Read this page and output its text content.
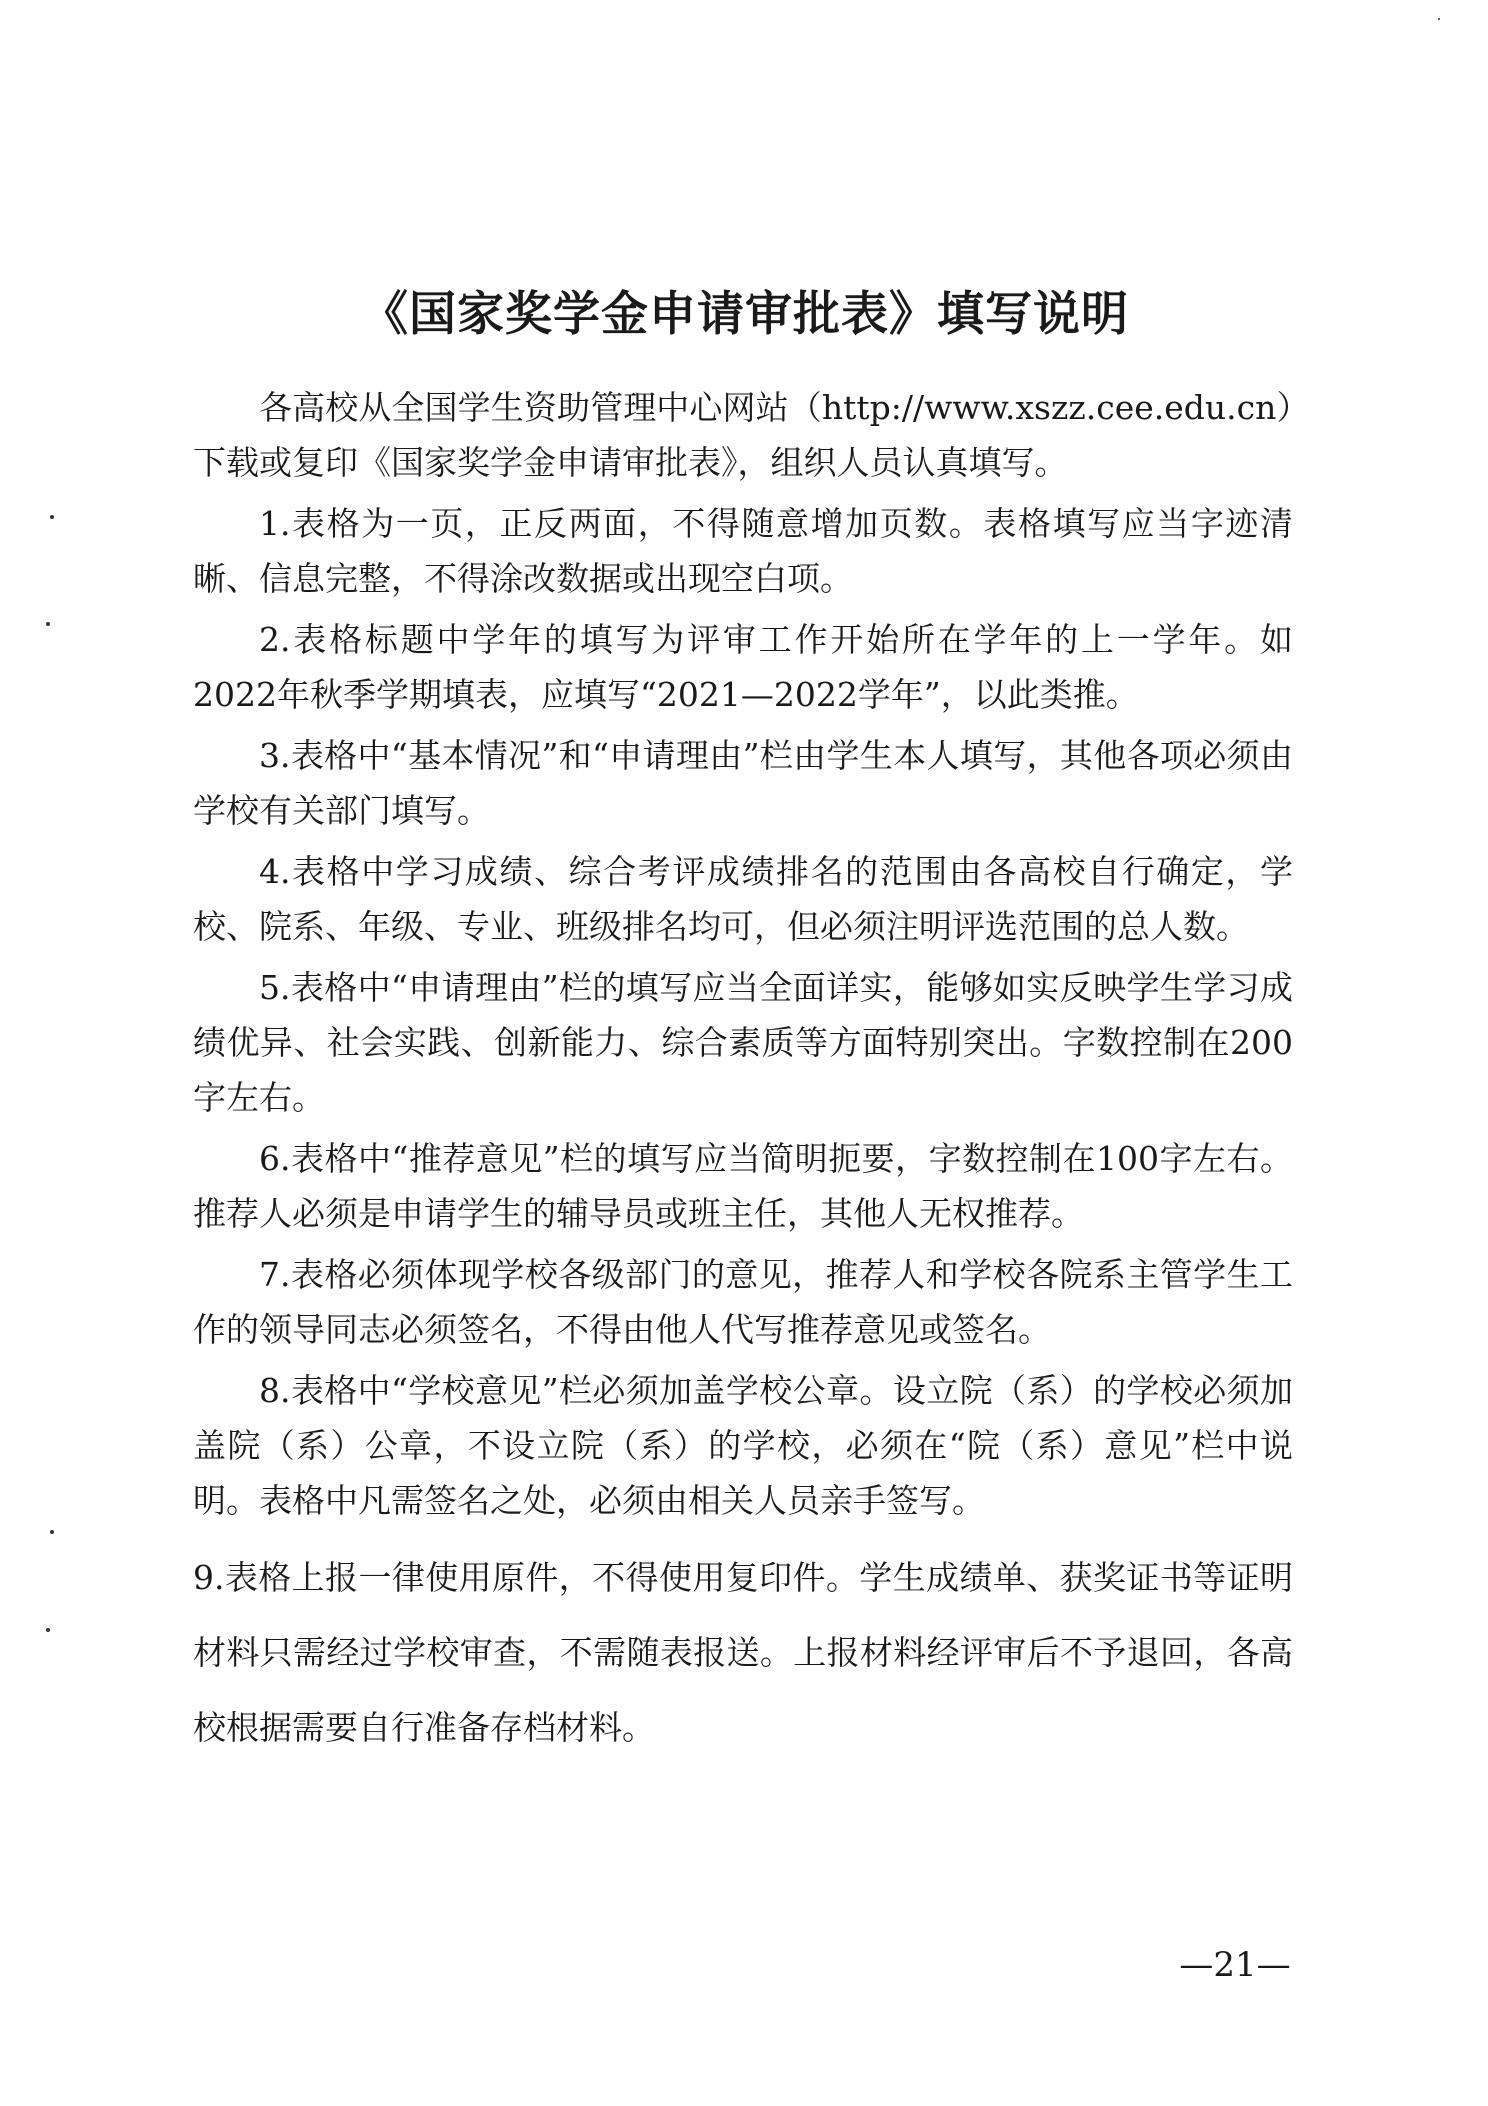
《国家奖学金申请审批表》填写说明

各高校从全国学生资助管理中心网站（http://www.xszz.cee.edu.cn）下载或复印《国家奖学金申请审批表》，组织人员认真填写。

1.表格为一页，正反两面，不得随意增加页数。表格填写应当字迹清晰、信息完整，不得涂改数据或出现空白项。

2.表格标题中学年的填写为评审工作开始所在学年的上一学年。如2022年秋季学期填表，应填写“2021—2022学年”，以此类推。

3.表格中“基本情况”和“申请理由”栏由学生本人填写，其他各项必须由学校有关部门填写。

4.表格中学习成绩、综合考评成绩排名的范围由各高校自行确定，学校、院系、年级、专业、班级排名均可，但必须注明评选范围的总人数。

5.表格中“申请理由”栏的填写应当全面详实，能够如实反映学生学习成绩优异、社会实践、创新能力、综合素质等方面特别突出。字数控制在200字左右。

6.表格中“推荐意见”栏的填写应当简明扼要，字数控制在100字左右。推荐人必须是申请学生的辅导员或班主任，其他人无权推荐。

7.表格必须体现学校各级部门的意见，推荐人和学校各院系主管学生工作的领导同志必须签名，不得由他人代写推荐意见或签名。

8.表格中“学校意见”栏必须加盖学校公章。设立院（系）的学校必须加盖院（系）公章，不设立院（系）的学校，必须在“院（系）意见”栏中说明。表格中凡需签名之处，必须由相关人员亲手签写。

9.表格上报一律使用原件，不得使用复印件。学生成绩单、获奖证书等证明材料只需经过学校审查，不需随表报送。上报材料经评审后不予退回，各高校根据需要自行准备存档材料。

—21—
